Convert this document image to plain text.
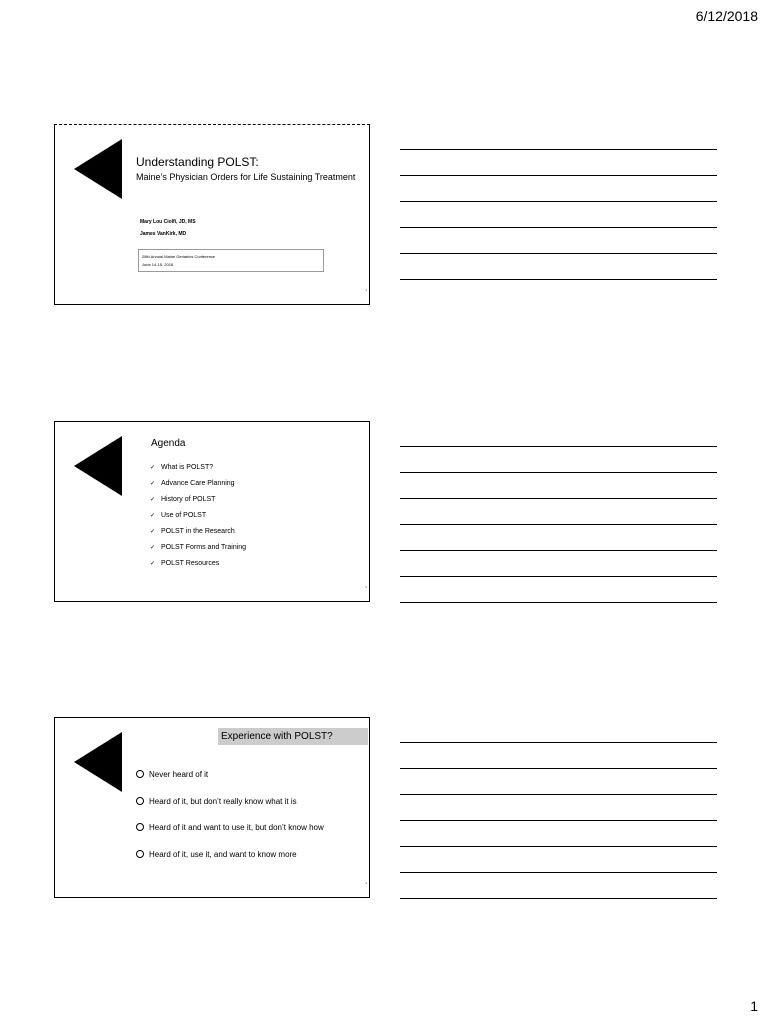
6/12/2018
Understanding POLST:
Maine’s Physician Orders for Life Sustaining Treatment
Mary Lou Ciolfi, JD, MS
James VanKirk, MD
28th Annual Maine Geriatrics Conference
June 14-15, 2018
1
Agenda
✓ What is POLST?
✓ Advance Care Planning
✓ History of POLST
✓ Use of POLST
✓ POLST in the Research
✓ POLST Forms and Training
✓ POLST Resources
2
Experience with POLST?
Never heard of it
Heard of it, but don’t really know what it is
Heard of it and want to use it, but don’t know how
Heard of it, use it, and want to know more
3
1
